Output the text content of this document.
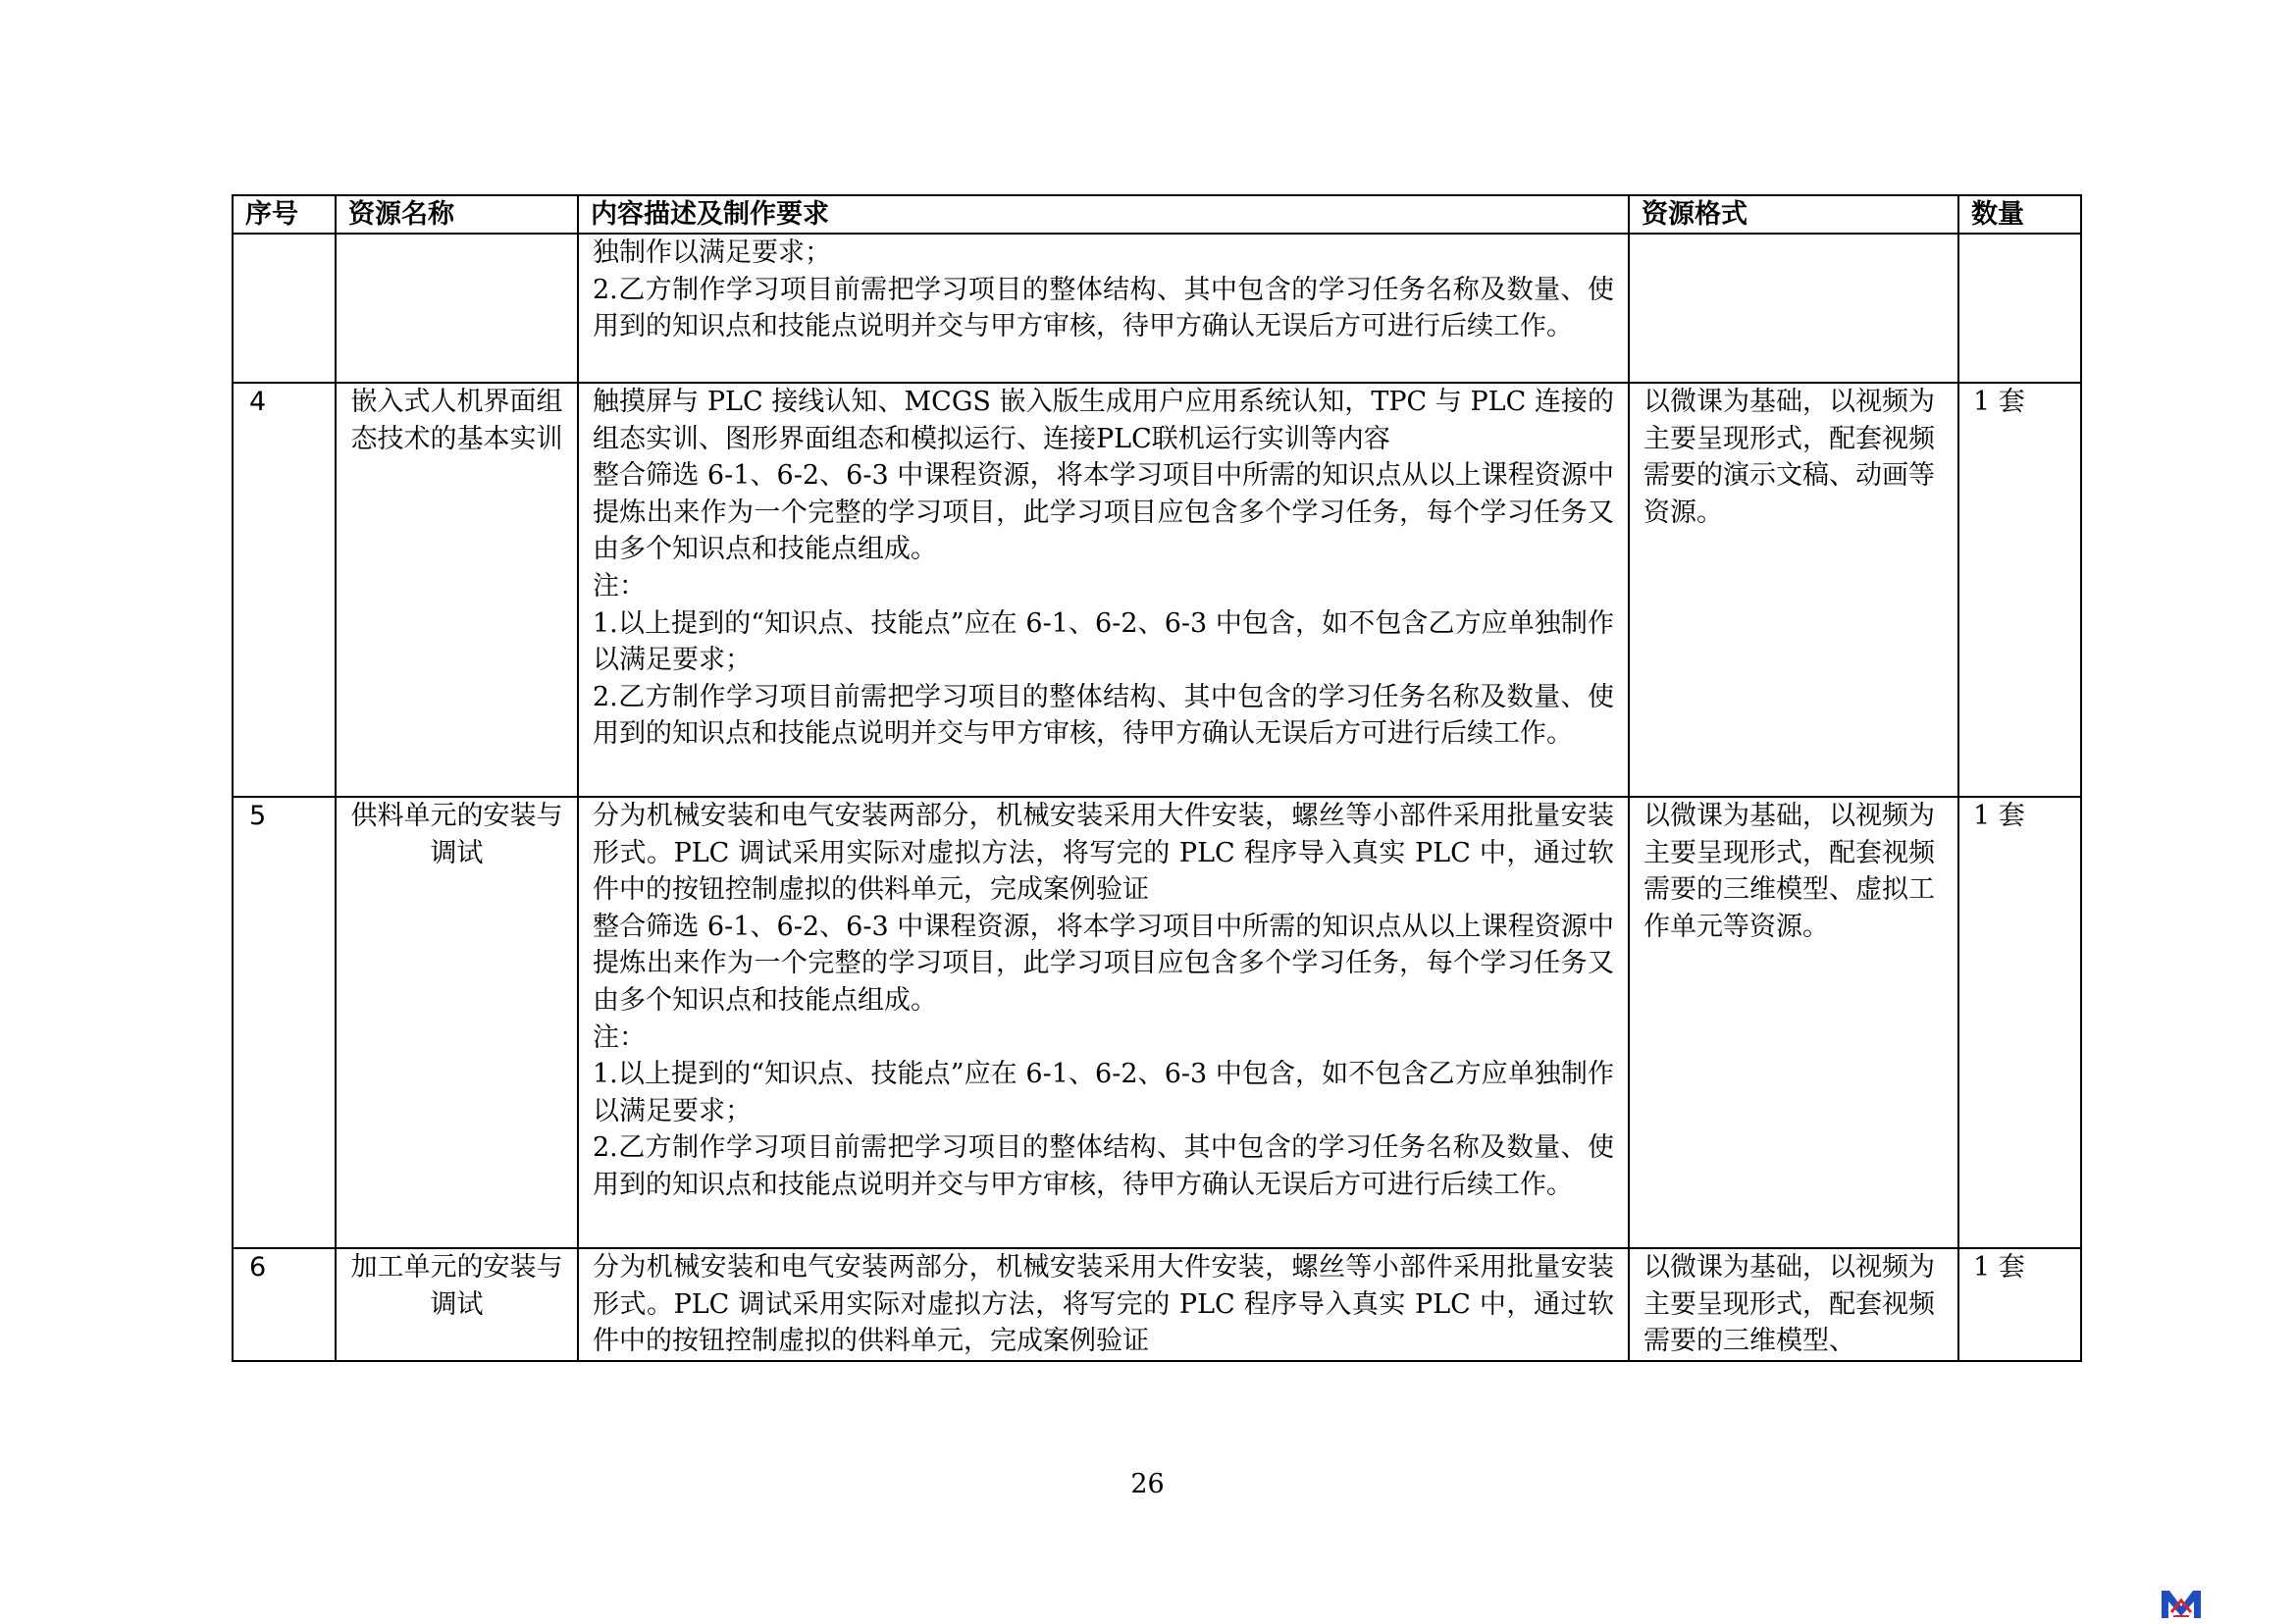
序号	资源名称	内容描述及制作要求	资源格式	数量

		独制作以满足要求；

2.乙方制作学习项目前需把学习项目的整体结构、其中包含的学习任务名称及数量、使用到的知识点和技能点说明并交与甲方审核，待甲方确认无误后方可进行后续工作。		

4	嵌入式人机界面组态技术的基本实训	触摸屏与 PLC 接线认知、MCGS 嵌入版生成用户应用系统认知，TPC 与 PLC 连接的组态实训、图形界面组态和模拟运行、连接PLC联机运行实训等内容

整合筛选 6-1、6-2、6-3 中课程资源，将本学习项目中所需的知识点从以上课程资源中提炼出来作为一个完整的学习项目，此学习项目应包含多个学习任务，每个学习任务又由多个知识点和技能点组成。

注：

1.以上提到的“知识点、技能点”应在 6-1、6-2、6-3 中包含，如不包含乙方应单独制作以满足要求；

2.乙方制作学习项目前需把学习项目的整体结构、其中包含的学习任务名称及数量、使用到的知识点和技能点说明并交与甲方审核，待甲方确认无误后方可进行后续工作。	以微课为基础，以视频为主要呈现形式，配套视频需要的演示文稿、动画等资源。	1 套

5	供料单元的安装与调试	分为机械安装和电气安装两部分，机械安装采用大件安装，螺丝等小部件采用批量安装形式。PLC 调试采用实际对虚拟方法，将写完的 PLC 程序导入真实 PLC 中，通过软件中的按钮控制虚拟的供料单元，完成案例验证

整合筛选 6-1、6-2、6-3 中课程资源，将本学习项目中所需的知识点从以上课程资源中提炼出来作为一个完整的学习项目，此学习项目应包含多个学习任务，每个学习任务又由多个知识点和技能点组成。

注：

1.以上提到的“知识点、技能点”应在 6-1、6-2、6-3 中包含，如不包含乙方应单独制作以满足要求；

2.乙方制作学习项目前需把学习项目的整体结构、其中包含的学习任务名称及数量、使用到的知识点和技能点说明并交与甲方审核，待甲方确认无误后方可进行后续工作。	以微课为基础，以视频为主要呈现形式，配套视频需要的三维模型、虚拟工作单元等资源。	1 套

6	加工单元的安装与调试	分为机械安装和电气安装两部分，机械安装采用大件安装，螺丝等小部件采用批量安装形式。PLC 调试采用实际对虚拟方法，将写完的 PLC 程序导入真实 PLC 中，通过软件中的按钮控制虚拟的供料单元，完成案例验证	以微课为基础，以视频为主要呈现形式，配套视频需要的三维模型、	1 套
26
